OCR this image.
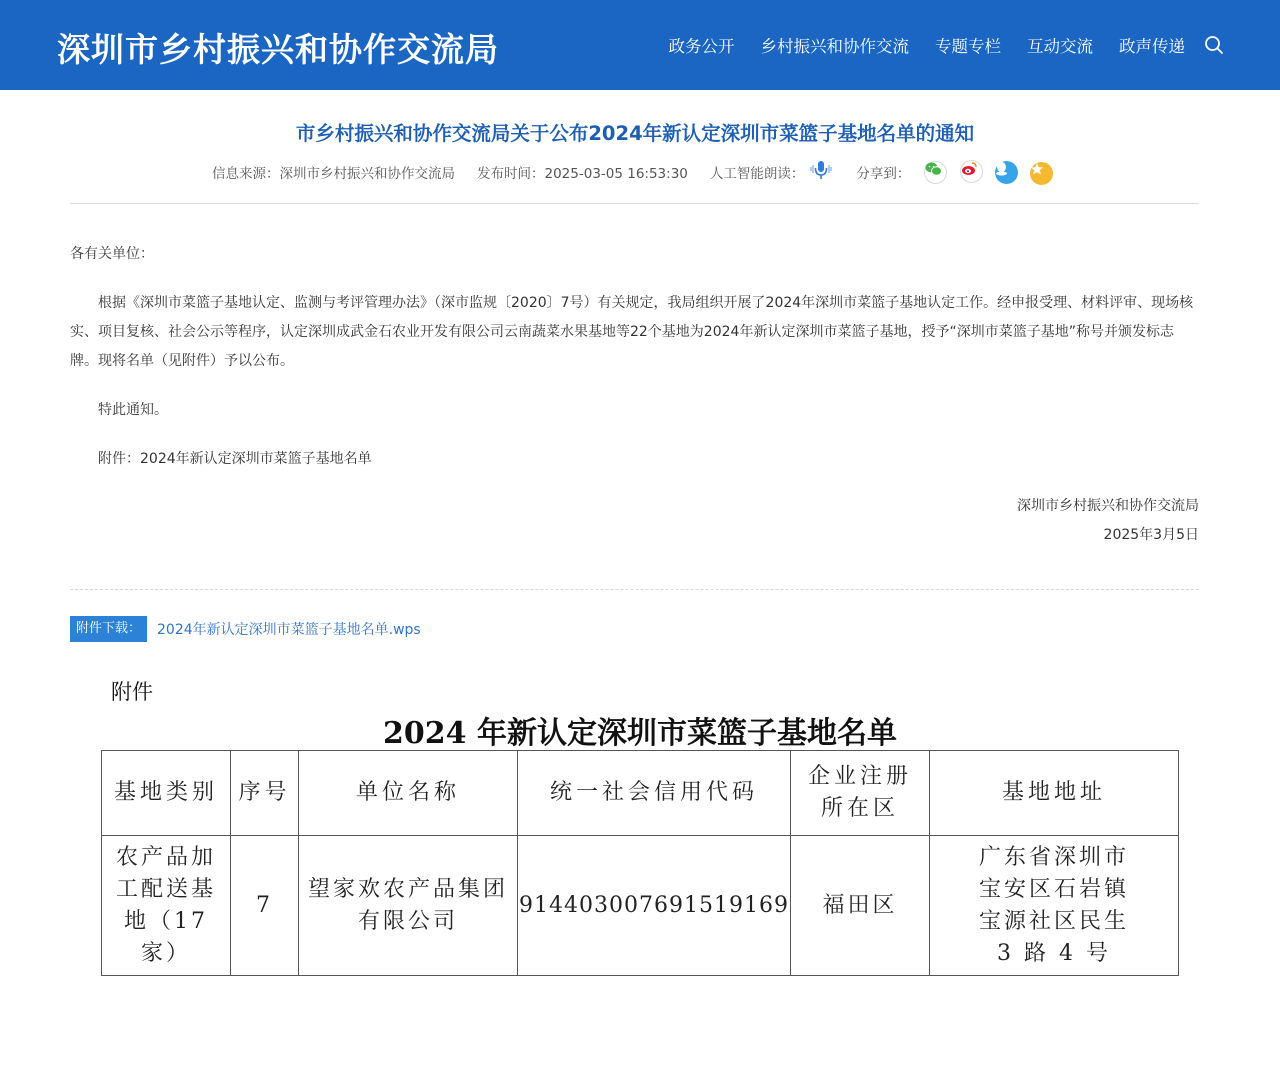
深圳市乡村振兴和协作交流局	政务公开 乡村振兴和协作交流 专题专栏 互动交流 政声传递
市乡村振兴和协作交流局关于公布2024年新认定深圳市菜篮子基地名单的通知
信息来源：深圳市乡村振兴和协作交流局 发布时间：2025-03-05 16:53:30 人工智能朗读：	分享到：

各有关单位：
根据《深圳市菜篮子基地认定、监测与考评管理办法》（深市监规〔2020〕7号）有关规定，我局组织开展了2024年深圳市菜篮子基地认定工作。经申报受理、材料评审、现场核实、项目复核、社会公示等程序，认定深圳成武金石农业开发有限公司云南蔬菜水果基地等22个基地为2024年新认定深圳市菜篮子基地，授予“深圳市菜篮子基地”称号并颁发标志牌。现将名单（见附件）予以公布。
特此通知。
附件：2024年新认定深圳市菜篮子基地名单
深圳市乡村振兴和协作交流局
2025年3月5日
附件下载：	2024年新认定深圳市菜篮子基地名单.wps
附件
2024 年新认定深圳市菜篮子基地名单
基地类别	序号	单位名称	统一社会信用代码	企业注册所在区	基地地址
农产品加工配送基地（17 家）	7	望家欢农产品集团有限公司	914403007691519169	福田区	广东省深圳市宝安区石岩镇宝源社区民生 3 路 4 号
